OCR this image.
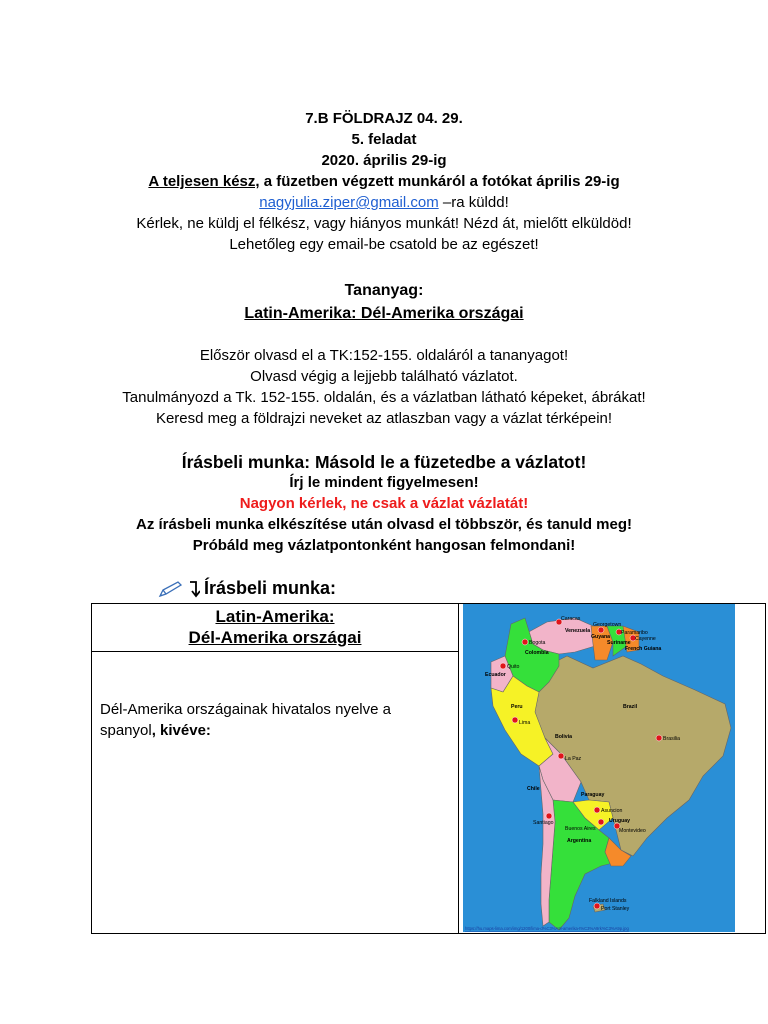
7.B FÖLDRAJZ 04. 29.
5. feladat
2020. április 29-ig
A teljesen kész, a füzetben végzett munkáról a fotókat április 29-ig
nagyjulia.ziper@gmail.com –ra küldd!
Kérlek, ne küldj el félkész, vagy hiányos munkát! Nézd át, mielőtt elküldöd!
Lehetőleg egy email-be csatold be az egészet!
Tananyag:
Latin-Amerika: Dél-Amerika országai
Először olvasd el a TK:152-155. oldaláról a tananyagot!
Olvasd végig a lejjebb található vázlatot.
Tanulmányozd a Tk. 152-155. oldalán, és a vázlatban látható képeket, ábrákat!
Keresd meg a földrajzi neveket az atlaszban vagy a vázlat térképein!
Írásbeli munka: Másold le a füzetedbe a vázlatot!
Írj le mindent figyelmesen!
Nagyon kérlek, ne csak a vázlat vázlatát!
Az írásbeli munka elkészítése után olvasd el többször, és tanuld meg!
Próbáld meg vázlatpontonként hangosan felmondani!
Írásbeli munka:
Latin-Amerika:
Dél-Amerika országai
Dél-Amerika országainak hivatalos nyelve a spanyol, kivéve:
Caracas
Georgetown
Venezuela	Paramaribo
Guyana
Suriname
Cayenne
French Guiana
Bogota
Colombia
Quito
Ecuador
Peru
Lima
Brazil
Bolivia
La Paz
Brasilia
Paraguay
Asuncion
Chile
Santiago	Uruguay
Buenos Aires	Montevideo
Argentina
Falkland Islands
Port Stanley
https://hu.maps-lima.com/img/1200/lima-d%C3%A9l-amerika-t%C3%A9rk%C3%A9p.jpg
